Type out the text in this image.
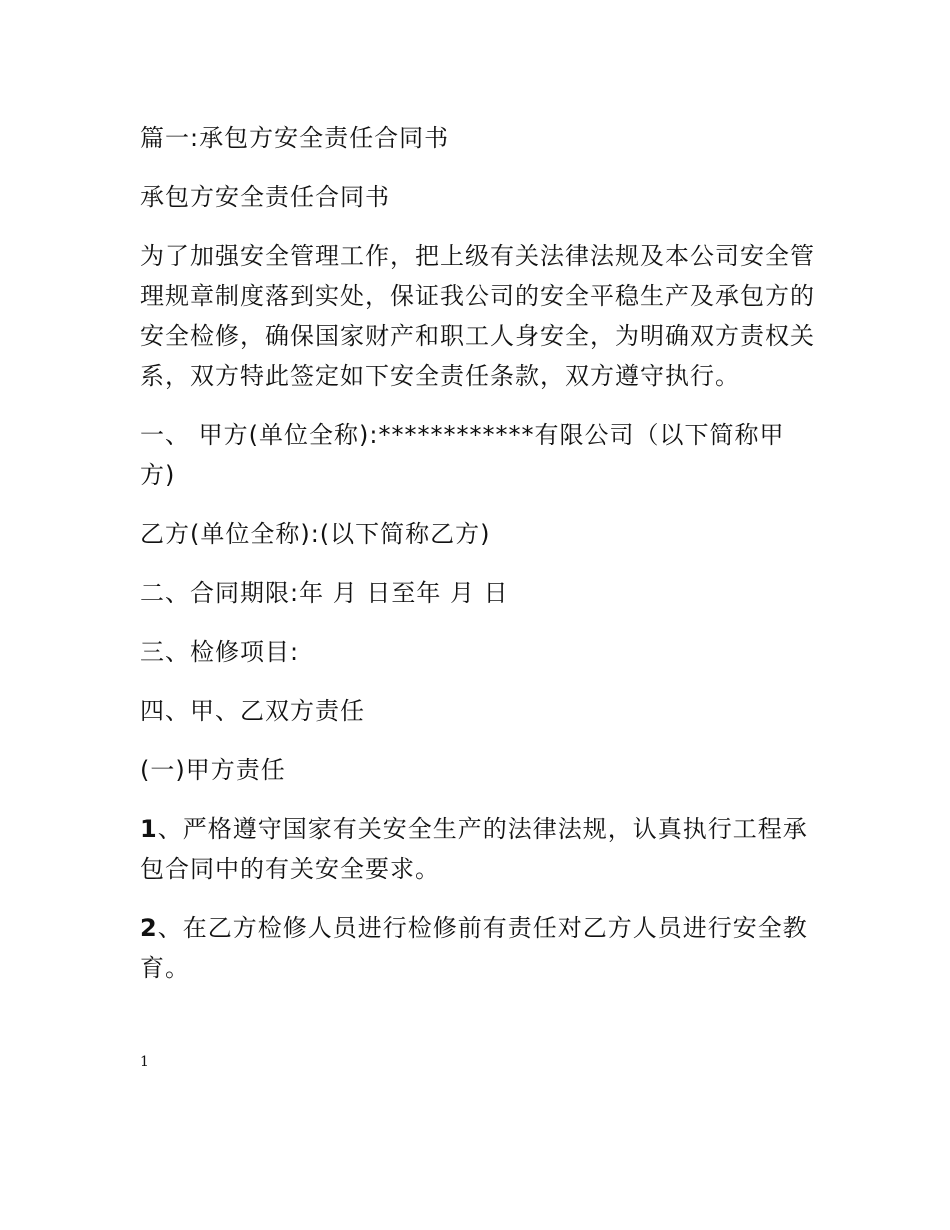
篇一:承包方安全责任合同书

承包方安全责任合同书

为了加强安全管理工作，把上级有关法律法规及本公司安全管理规章制度落到实处，保证我公司的安全平稳生产及承包方的安全检修，确保国家财产和职工人身安全，为明确双方责权关系，双方特此签定如下安全责任条款，双方遵守执行。

一、 甲方(单位全称):************有限公司（以下简称甲方)

乙方(单位全称):(以下简称乙方)

二、合同期限:年 月 日至年 月 日

三、检修项目:

四、甲、乙双方责任

(一)甲方责任

1、严格遵守国家有关安全生产的法律法规，认真执行工程承包合同中的有关安全要求。

2、在乙方检修人员进行检修前有责任对乙方人员进行安全教育。

1
